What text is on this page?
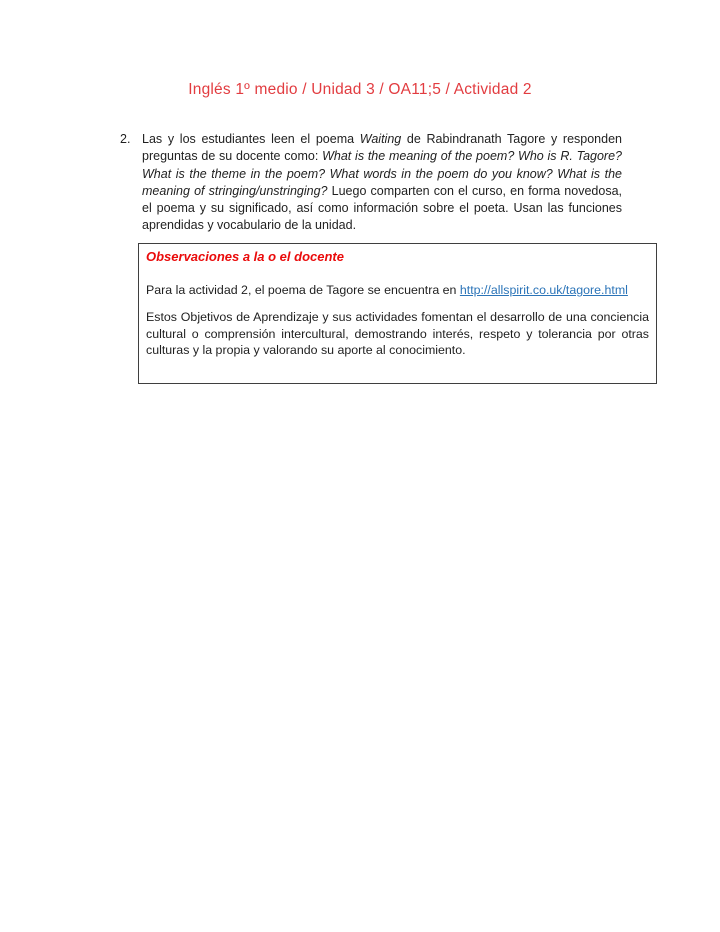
Inglés 1º medio / Unidad 3 / OA11;5 / Actividad 2
2. Las y los estudiantes leen el poema Waiting de Rabindranath Tagore y responden preguntas de su docente como: What is the meaning of the poem? Who is R. Tagore? What is the theme in the poem? What words in the poem do you know? What is the meaning of stringing/unstringing? Luego comparten con el curso, en forma novedosa, el poema y su significado, así como información sobre el poeta. Usan las funciones aprendidas y vocabulario de la unidad.

Observaciones a la o el docente

Para la actividad 2, el poema de Tagore se encuentra en http://allspirit.co.uk/tagore.html

Estos Objetivos de Aprendizaje y sus actividades fomentan el desarrollo de una conciencia cultural o comprensión intercultural, demostrando interés, respeto y tolerancia por otras culturas y la propia y valorando su aporte al conocimiento.
